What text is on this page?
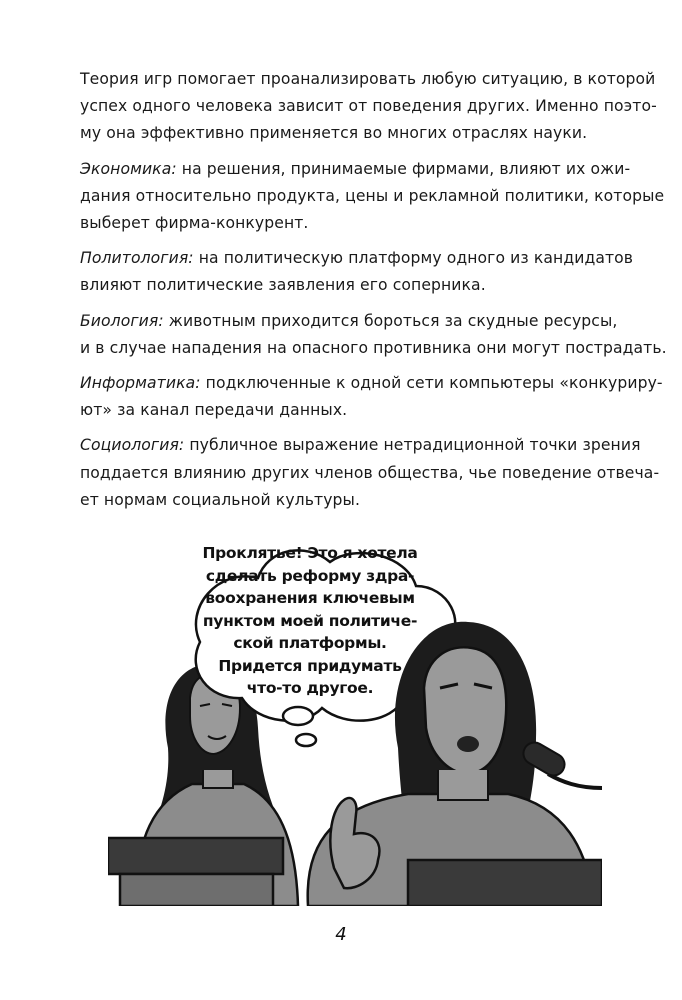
Теория игр помогает проанализировать любую ситуацию, в которой
успех одного человека зависит от поведения других. Именно поэто-
му она эффективно применяется во многих отраслях науки.

Экономика: на решения, принимаемые фирмами, влияют их ожи-
дания относительно продукта, цены и рекламной политики, которые
выберет фирма-конкурент.

Политология: на политическую платформу одного из кандидатов
влияют политические заявления его соперника.

Биология: животным приходится бороться за скудные ресурсы,
и в случае нападения на опасного противника они могут пострадать.

Информатика: подключенные к одной сети компьютеры «конкуриру-
ют» за канал передачи данных.

Социология: публичное выражение нетрадиционной точки зрения
поддается влиянию других членов общества, чье поведение отвеча-
ет нормам социальной культуры.

Проклятье! Это я хотела
сделать реформу здра-
воохранения ключевым
пунктом моей политиче-
ской платформы.
Придется придумать
что-то другое.
4
